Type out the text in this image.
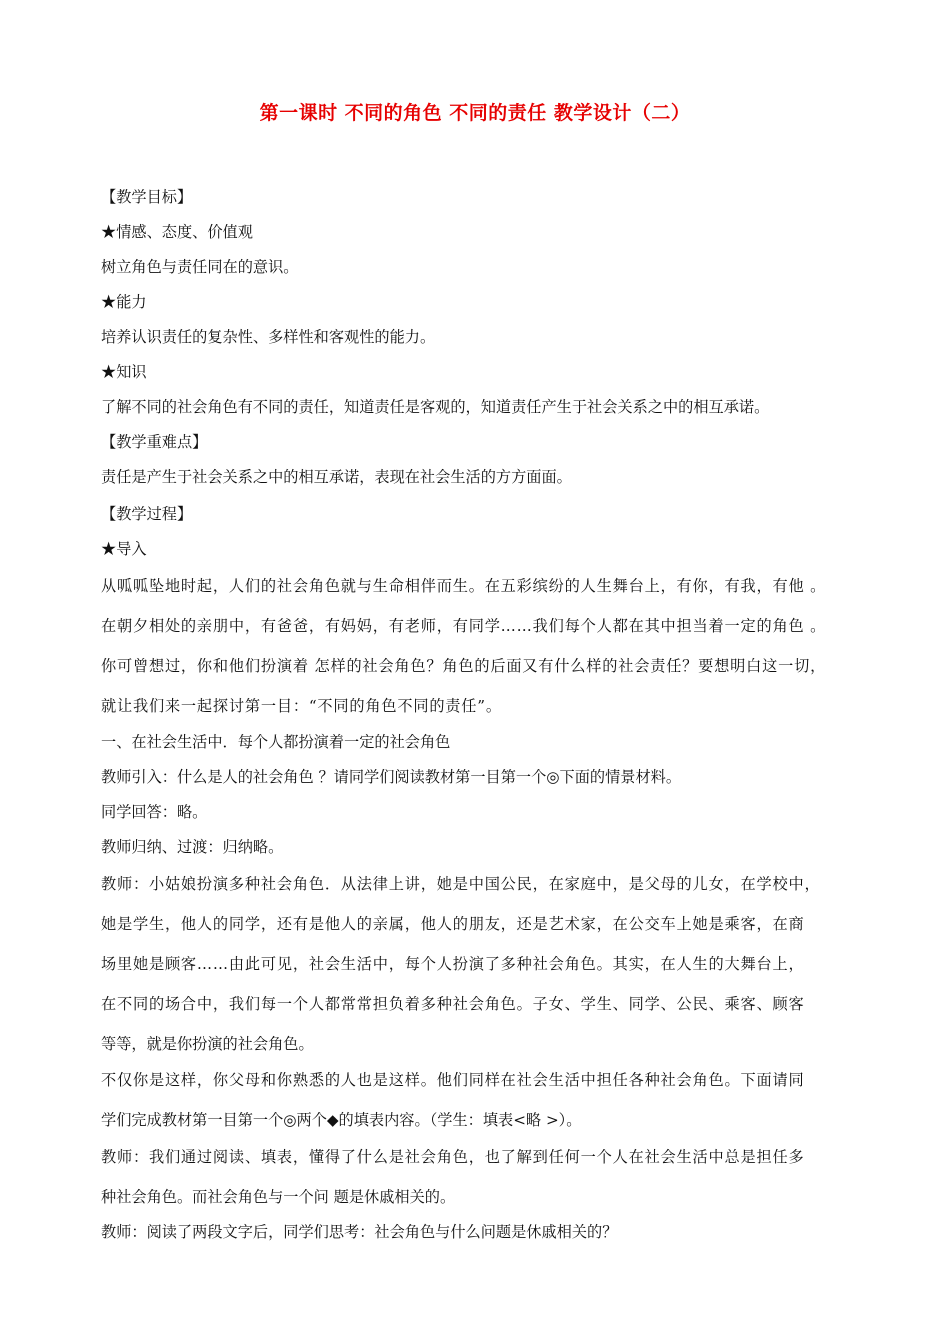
第一课时 不同的角色 不同的责任 教学设计（二）
【教学目标】
★情感、态度、价值观
树立角色与责任同在的意识。
★能力
培养认识责任的复杂性、多样性和客观性的能力。
★知识
了解不同的社会角色有不同的责任，知道责任是客观的，知道责任产生于社会关系之中的相互承诺。
【教学重难点】
责任是产生于社会关系之中的相互承诺，表现在社会生活的方方面面。
【教学过程】
★导入
从呱呱坠地时起，人们的社会角色就与生命相伴而生。在五彩缤纷的人生舞台上，有你，有我，有他 。
在朝夕相处的亲朋中，有爸爸，有妈妈，有老师，有同学……我们每个人都在其中担当着一定的角色 。
你可曾想过，你和他们扮演着 怎样的社会角色？角色的后面又有什么样的社会责任？要想明白这一切，
就让我们来一起探讨第一目：“不同的角色不同的责任”。
一、在社会生活中．每个人都扮演着一定的社会角色
教师引入：什么是人的社会角色 ？请同学们阅读教材第一目第一个◎下面的情景材料。
同学回答：略。
教师归纳、过渡：归纳略。
教师：小姑娘扮演多种社会角色．从法律上讲，她是中国公民，在家庭中，是父母的儿女，在学校中，
她是学生，他人的同学，还有是他人的亲属，他人的朋友，还是艺术家，在公交车上她是乘客，在商
场里她是顾客……由此可见，社会生活中，每个人扮演了多种社会角色。其实，在人生的大舞台上，
在不同的场合中，我们每一个人都常常担负着多种社会角色。子女、学生、同学、公民、乘客、顾客
等等，就是你扮演的社会角色。
不仅你是这样，你父母和你熟悉的人也是这样。他们同样在社会生活中担任各种社会角色。下面请同
学们完成教材第一目第一个◎两个◆的填表内容。（学生：填表<略 >）。
教师：我们通过阅读、填表，懂得了什么是社会角色，也了解到任何一个人在社会生活中总是担任多
种社会角色。而社会角色与一个问 题是休戚相关的。
教师：阅读了两段文字后，同学们思考：社会角色与什么问题是休戚相关的？
